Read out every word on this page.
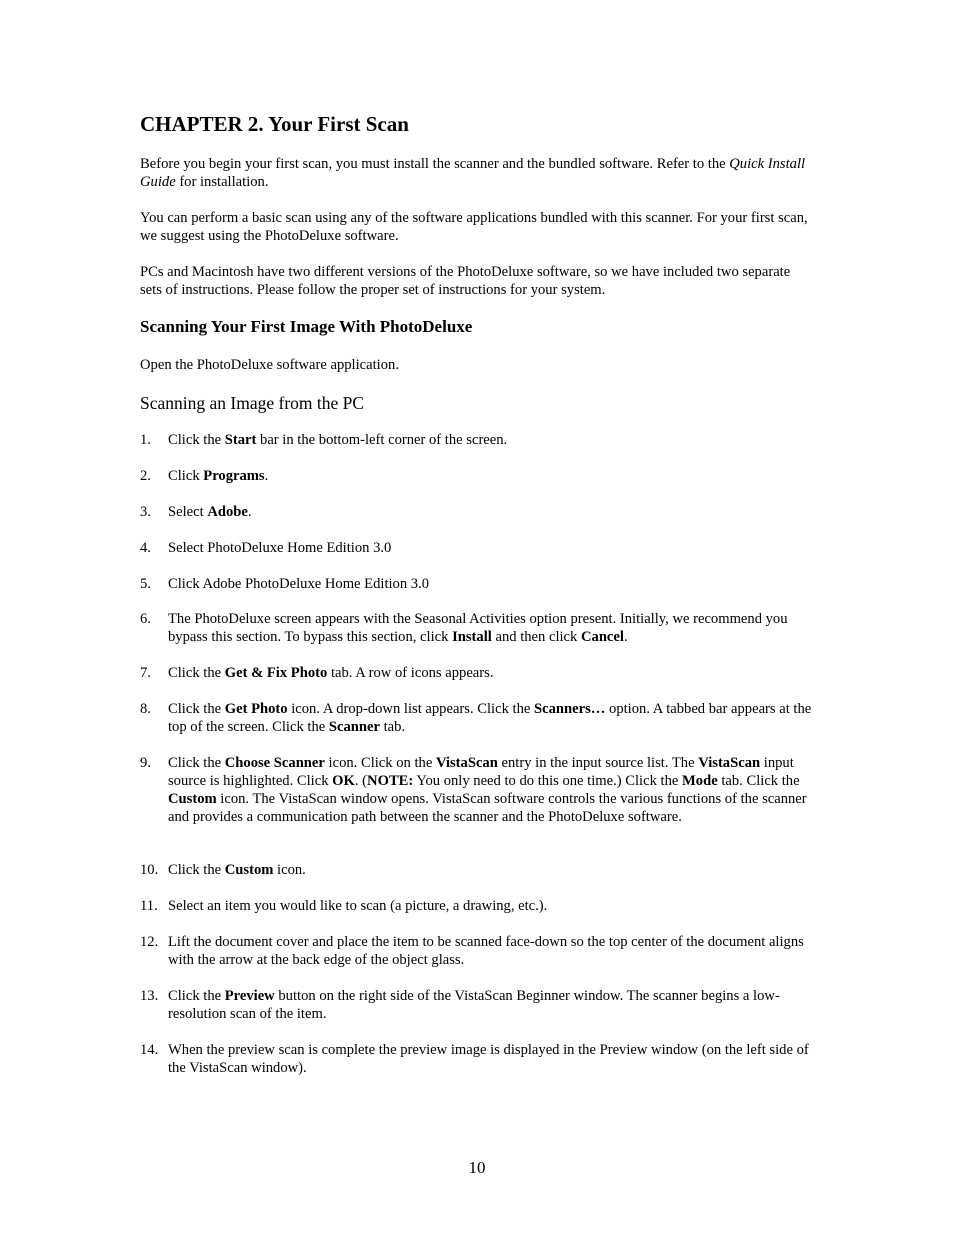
CHAPTER 2. Your First Scan

Before you begin your first scan, you must install the scanner and the bundled software. Refer to the Quick Install Guide for installation.

You can perform a basic scan using any of the software applications bundled with this scanner. For your first scan, we suggest using the PhotoDeluxe software.

PCs and Macintosh have two different versions of the PhotoDeluxe software, so we have included two separate sets of instructions. Please follow the proper set of instructions for your system.

Scanning Your First Image With PhotoDeluxe

Open the PhotoDeluxe software application.

Scanning an Image from the PC
1.	Click the Start bar in the bottom-left corner of the screen.
2.	Click Programs.
3.	Select Adobe.
4.	Select PhotoDeluxe Home Edition 3.0
5.	Click Adobe PhotoDeluxe Home Edition 3.0
6.	The PhotoDeluxe screen appears with the Seasonal Activities option present. Initially, we recommend you bypass this section. To bypass this section, click Install and then click Cancel.
7.	Click the Get & Fix Photo tab. A row of icons appears.
8.	Click the Get Photo icon. A drop-down list appears. Click the Scanners… option. A tabbed bar appears at the top of the screen. Click the Scanner tab.
9.	Click the Choose Scanner icon. Click on the VistaScan entry in the input source list. The VistaScan input source is highlighted. Click OK. (NOTE: You only need to do this one time.) Click the Mode tab. Click the Custom icon. The VistaScan window opens. VistaScan software controls the various functions of the scanner and provides a communication path between the scanner and the PhotoDeluxe software.
10. Click the Custom icon.
11. Select an item you would like to scan (a picture, a drawing, etc.).
12. Lift the document cover and place the item to be scanned face-down so the top center of the document aligns with the arrow at the back edge of the object glass.
13. Click the Preview button on the right side of the VistaScan Beginner window. The scanner begins a low-resolution scan of the item.
14. When the preview scan is complete the preview image is displayed in the Preview window (on the left side of the VistaScan window).
10
